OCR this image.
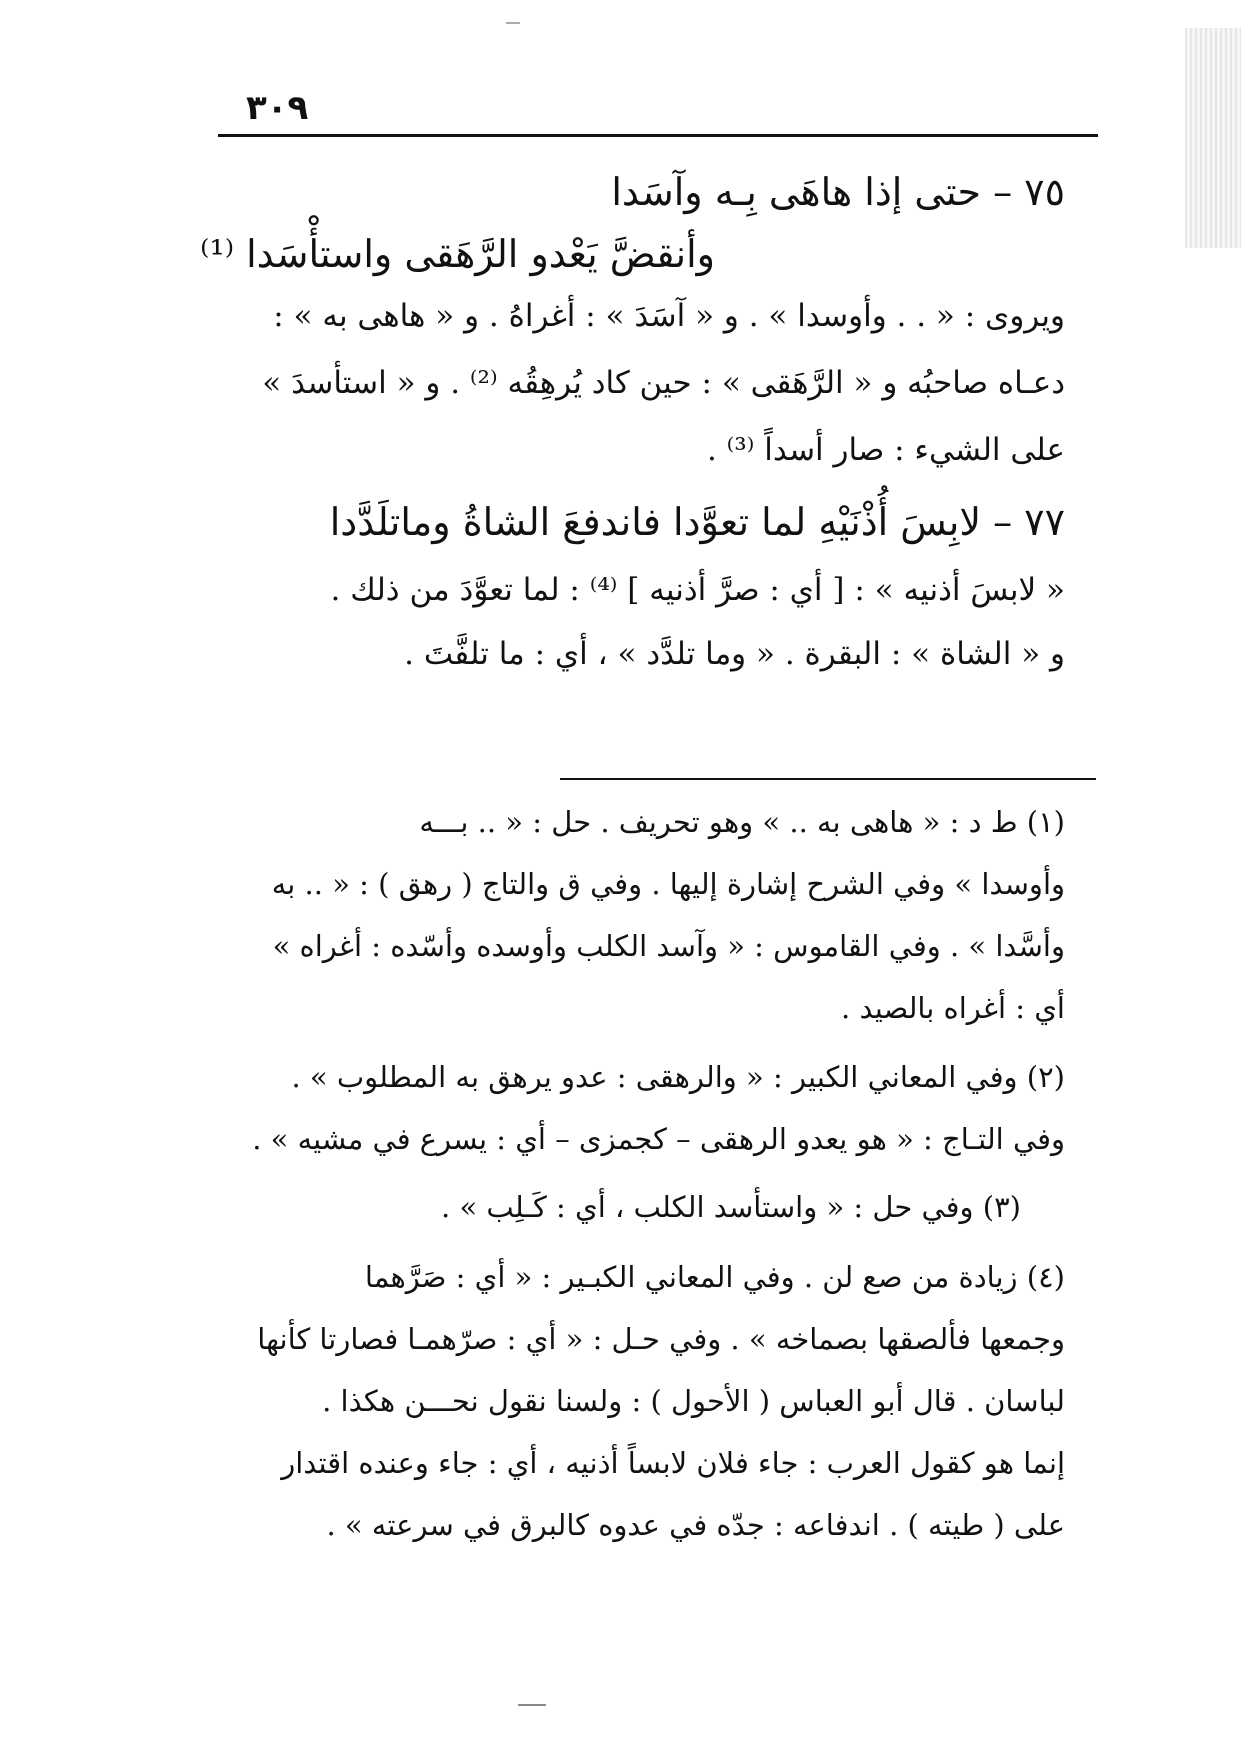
٣٠٩
٧٥ – حتى إذا هاهَى بِـه وآسَدا
وأنقضَّ يَعْدو الرَّهَقى واستأْسَدا ⁽¹⁾
ويروى : « . . وأوسدا » . و « آسَدَ » : أغراهُ . و « هاهى به » :
دعـاه صاحبُه و « الرَّهَقى » : حين كاد يُرهِقُه ⁽²⁾ . و « استأسدَ »
على الشيء : صار أسداً ⁽³⁾ .
٧٧ – لابِسَ أُذْنَيْهِ لما تعوَّدا فاندفعَ الشاةُ وماتلَدَّدا
« لابسَ أذنيه » : [ أي : صرَّ أذنيه ] ⁽⁴⁾ : لما تعوَّدَ من ذلك .
و « الشاة » : البقرة . « وما تلدَّد » ، أي : ما تلفَّتَ .
(١) ط د : « هاهى به .. » وهو تحريف . حل : « .. بـــه
وأوسدا » وفي الشرح إشارة إليها . وفي ق والتاج ( رهق ) : « .. به
وأسَّدا » . وفي القاموس : « وآسد الكلب وأوسده وأسّده : أغراه »
أي : أغراه بالصيد .
(٢) وفي المعاني الكبير : « والرهقى : عدو يرهق به المطلوب » .
وفي التـاج : « هو يعدو الرهقى – كجمزى – أي : يسرع في مشيه » .
(٣) وفي حل : « واستأسد الكلب ، أي : كَـلِب » .
(٤) زيادة من صع لن . وفي المعاني الكبـير : « أي : صَرَّهما
وجمعها فألصقها بصماخه » . وفي حـل : « أي : صرّهمـا فصارتا كأنها
لباسان . قال أبو العباس ( الأحول ) : ولسنا نقول نحـــن هكذا .
إنما هو كقول العرب : جاء فلان لابساً أذنيه ، أي : جاء وعنده اقتدار
على ( طيته ) . اندفاعه : جدّه في عدوه كالبرق في سرعته » .
